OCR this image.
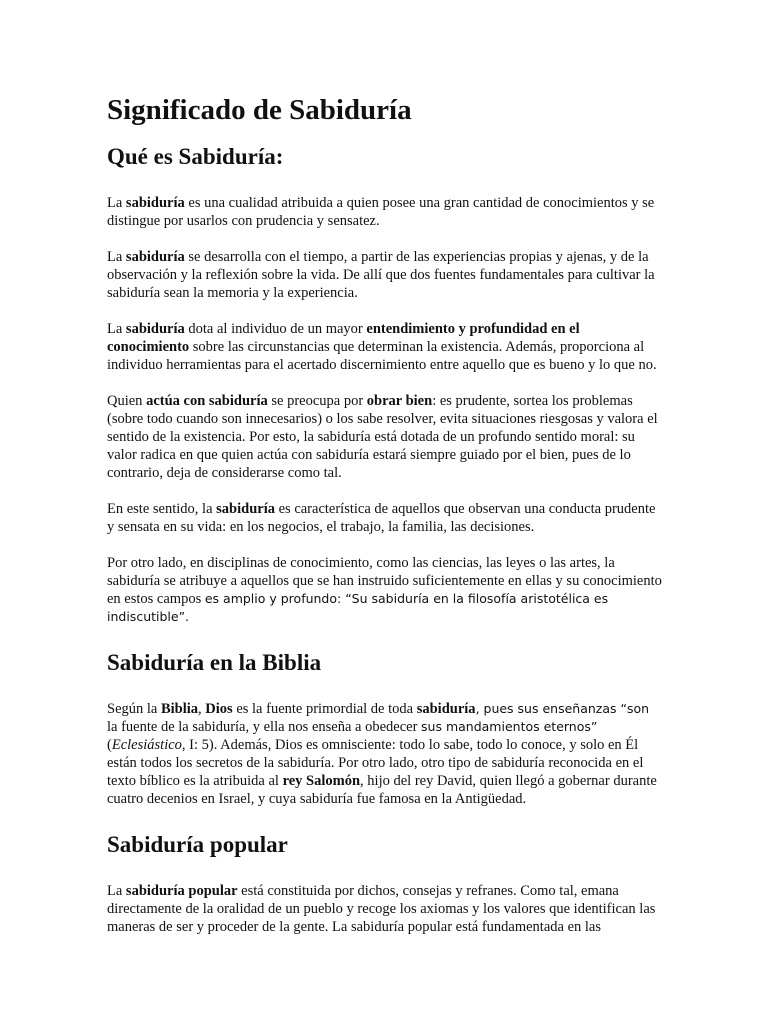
Significado de Sabiduría
Qué es Sabiduría:

La sabiduría es una cualidad atribuida a quien posee una gran cantidad de conocimientos y se distingue por usarlos con prudencia y sensatez.

La sabiduría se desarrolla con el tiempo, a partir de las experiencias propias y ajenas, y de la observación y la reflexión sobre la vida. De allí que dos fuentes fundamentales para cultivar la sabiduría sean la memoria y la experiencia.

La sabiduría dota al individuo de un mayor entendimiento y profundidad en el conocimiento sobre las circunstancias que determinan la existencia. Además, proporciona al individuo herramientas para el acertado discernimiento entre aquello que es bueno y lo que no.

Quien actúa con sabiduría se preocupa por obrar bien: es prudente, sortea los problemas (sobre todo cuando son innecesarios) o los sabe resolver, evita situaciones riesgosas y valora el sentido de la existencia. Por esto, la sabiduría está dotada de un profundo sentido moral: su valor radica en que quien actúa con sabiduría estará siempre guiado por el bien, pues de lo contrario, deja de considerarse como tal.

En este sentido, la sabiduría es característica de aquellos que observan una conducta prudente y sensata en su vida: en los negocios, el trabajo, la familia, las decisiones.

Por otro lado, en disciplinas de conocimiento, como las ciencias, las leyes o las artes, la sabiduría se atribuye a aquellos que se han instruido suficientemente en ellas y su conocimiento en estos campos es amplio y profundo: “Su sabiduría en la filosofía aristotélica es indiscutible”.

Sabiduría en la Biblia

Según la Biblia, Dios es la fuente primordial de toda sabiduría, pues sus enseñanzas “son la fuente de la sabiduría, y ella nos enseña a obedecer sus mandamientos eternos” (Eclesiástico, I: 5). Además, Dios es omnisciente: todo lo sabe, todo lo conoce, y solo en Él están todos los secretos de la sabiduría. Por otro lado, otro tipo de sabiduría reconocida en el texto bíblico es la atribuida al rey Salomón, hijo del rey David, quien llegó a gobernar durante cuatro decenios en Israel, y cuya sabiduría fue famosa en la Antigüedad.

Sabiduría popular

La sabiduría popular está constituida por dichos, consejas y refranes. Como tal, emana directamente de la oralidad de un pueblo y recoge los axiomas y los valores que identifican las maneras de ser y proceder de la gente. La sabiduría popular está fundamentada en las
